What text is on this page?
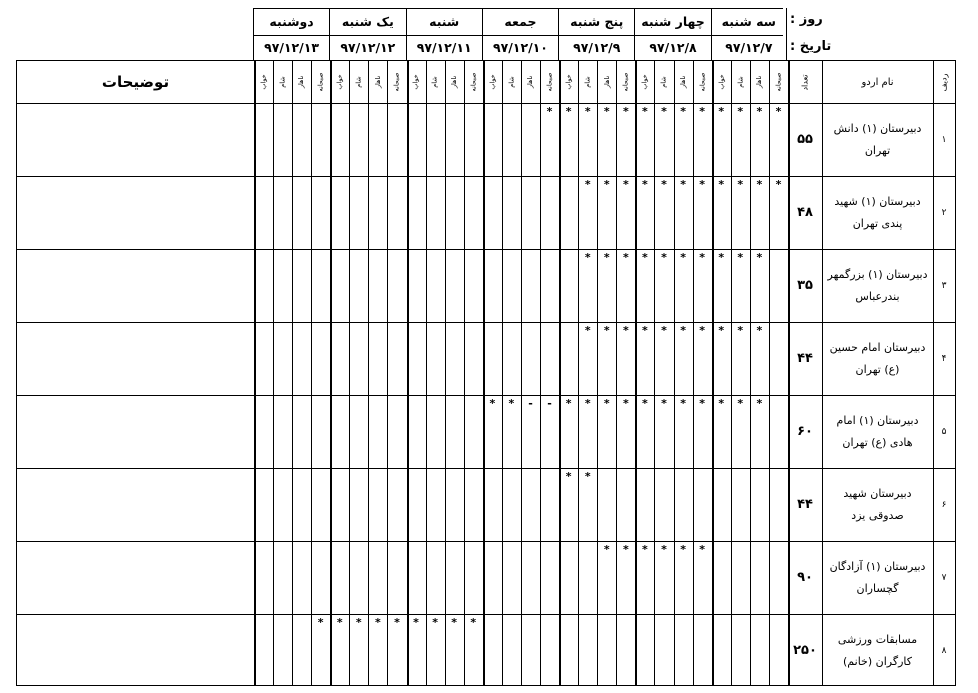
روز :
تاریخ :
سه شنبه
۹۷/۱۲/۷
چهار شنبه
۹۷/۱۲/۸
پنج شنبه
۹۷/۱۲/۹
جمعه
۹۷/۱۲/۱۰
شنبه
۹۷/۱۲/۱۱
یک شنبه
۹۷/۱۲/۱۲
دوشنبه
۹۷/۱۲/۱۳
ردیف
نام اردو
تعداد
توضیحات	صبحانه
ناهار
شام
خواب
صبحانه
ناهار
شام
خواب
صبحانه
ناهار
شام
خواب
صبحانه
ناهار
شام
خواب
صبحانه
ناهار
شام
خواب
صبحانه
ناهار
شام
خواب
صبحانه
ناهار
شام
خواب
۱
دبیرستان (۱) دانش تهران
۵۵
*
*
*
*
*
*
*
*
*
*
*
*
*
۲
دبیرستان (۱) شهید پندی تهران
۴۸
*
*
*
*
*
*
*
*
*
*
*
۳
دبیرستان (۱) بزرگمهر بندرعباس
۳۵
*
*
*
*
*
*
*
*
*
*
۴
دبیرستان امام حسین (ع) تهران
۴۴
*
*
*
*
*
*
*
*
*
*
۵
دبیرستان (۱) امام هادی (ع) تهران
۶۰
*
*
*
*
*
*
*
*
*
*
*
-
-
*
*
۶
دبیرستان شهید صدوقی یزد
۴۴
*
*
۷
دبیرستان (۱) آزادگان گچساران
۹۰
*
*
*
*
*
*
۸
مسابقات ورزشی کارگران (خانم)
۲۵۰
*
*
*
*
*
*
*
*
*
